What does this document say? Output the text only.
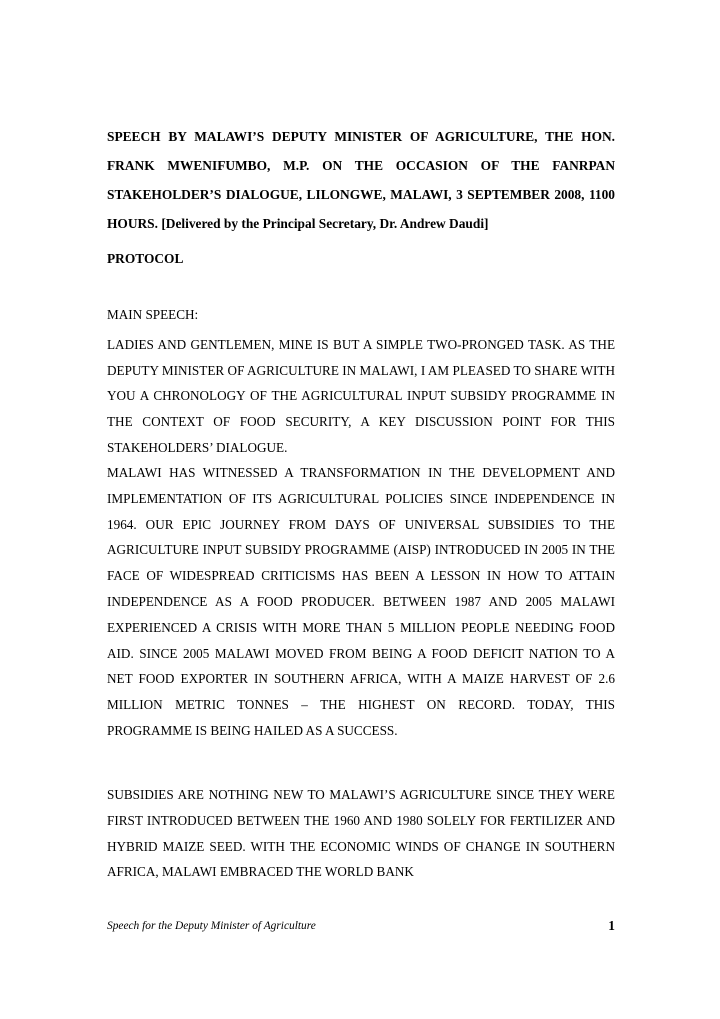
SPEECH BY MALAWI’S DEPUTY MINISTER OF AGRICULTURE, THE HON. FRANK MWENIFUMBO, M.P. ON THE OCCASION OF THE FANRPAN STAKEHOLDER’S DIALOGUE, LILONGWE, MALAWI, 3 SEPTEMBER 2008, 1100 HOURS. [Delivered by the Principal Secretary, Dr. Andrew Daudi]

PROTOCOL

MAIN SPEECH:

LADIES AND GENTLEMEN, MINE IS BUT A SIMPLE TWO-PRONGED TASK. AS THE DEPUTY MINISTER OF AGRICULTURE IN MALAWI, I AM PLEASED TO SHARE WITH YOU A CHRONOLOGY OF THE AGRICULTURAL INPUT SUBSIDY PROGRAMME IN THE CONTEXT OF FOOD SECURITY, A KEY DISCUSSION POINT FOR THIS STAKEHOLDERS’ DIALOGUE.

MALAWI HAS WITNESSED A TRANSFORMATION IN THE DEVELOPMENT AND IMPLEMENTATION OF ITS AGRICULTURAL POLICIES SINCE INDEPENDENCE IN 1964. OUR EPIC JOURNEY FROM DAYS OF UNIVERSAL SUBSIDIES TO THE AGRICULTURE INPUT SUBSIDY PROGRAMME (AISP) INTRODUCED IN 2005 IN THE FACE OF WIDESPREAD CRITICISMS HAS BEEN A LESSON IN HOW TO ATTAIN INDEPENDENCE AS A FOOD PRODUCER. BETWEEN 1987 AND 2005 MALAWI EXPERIENCED A CRISIS WITH MORE THAN 5 MILLION PEOPLE NEEDING FOOD AID. SINCE 2005 MALAWI MOVED FROM BEING A FOOD DEFICIT NATION TO A NET FOOD EXPORTER IN SOUTHERN AFRICA, WITH A MAIZE HARVEST OF 2.6 MILLION METRIC TONNES – THE HIGHEST ON RECORD. TODAY, THIS PROGRAMME IS BEING HAILED AS A SUCCESS.

SUBSIDIES ARE NOTHING NEW TO MALAWI’S AGRICULTURE SINCE THEY WERE FIRST INTRODUCED BETWEEN THE 1960 AND 1980 SOLELY FOR FERTILIZER AND HYBRID MAIZE SEED. WITH THE ECONOMIC WINDS OF CHANGE IN SOUTHERN AFRICA, MALAWI EMBRACED THE WORLD BANK

Speech for the Deputy Minister of Agriculture	1
